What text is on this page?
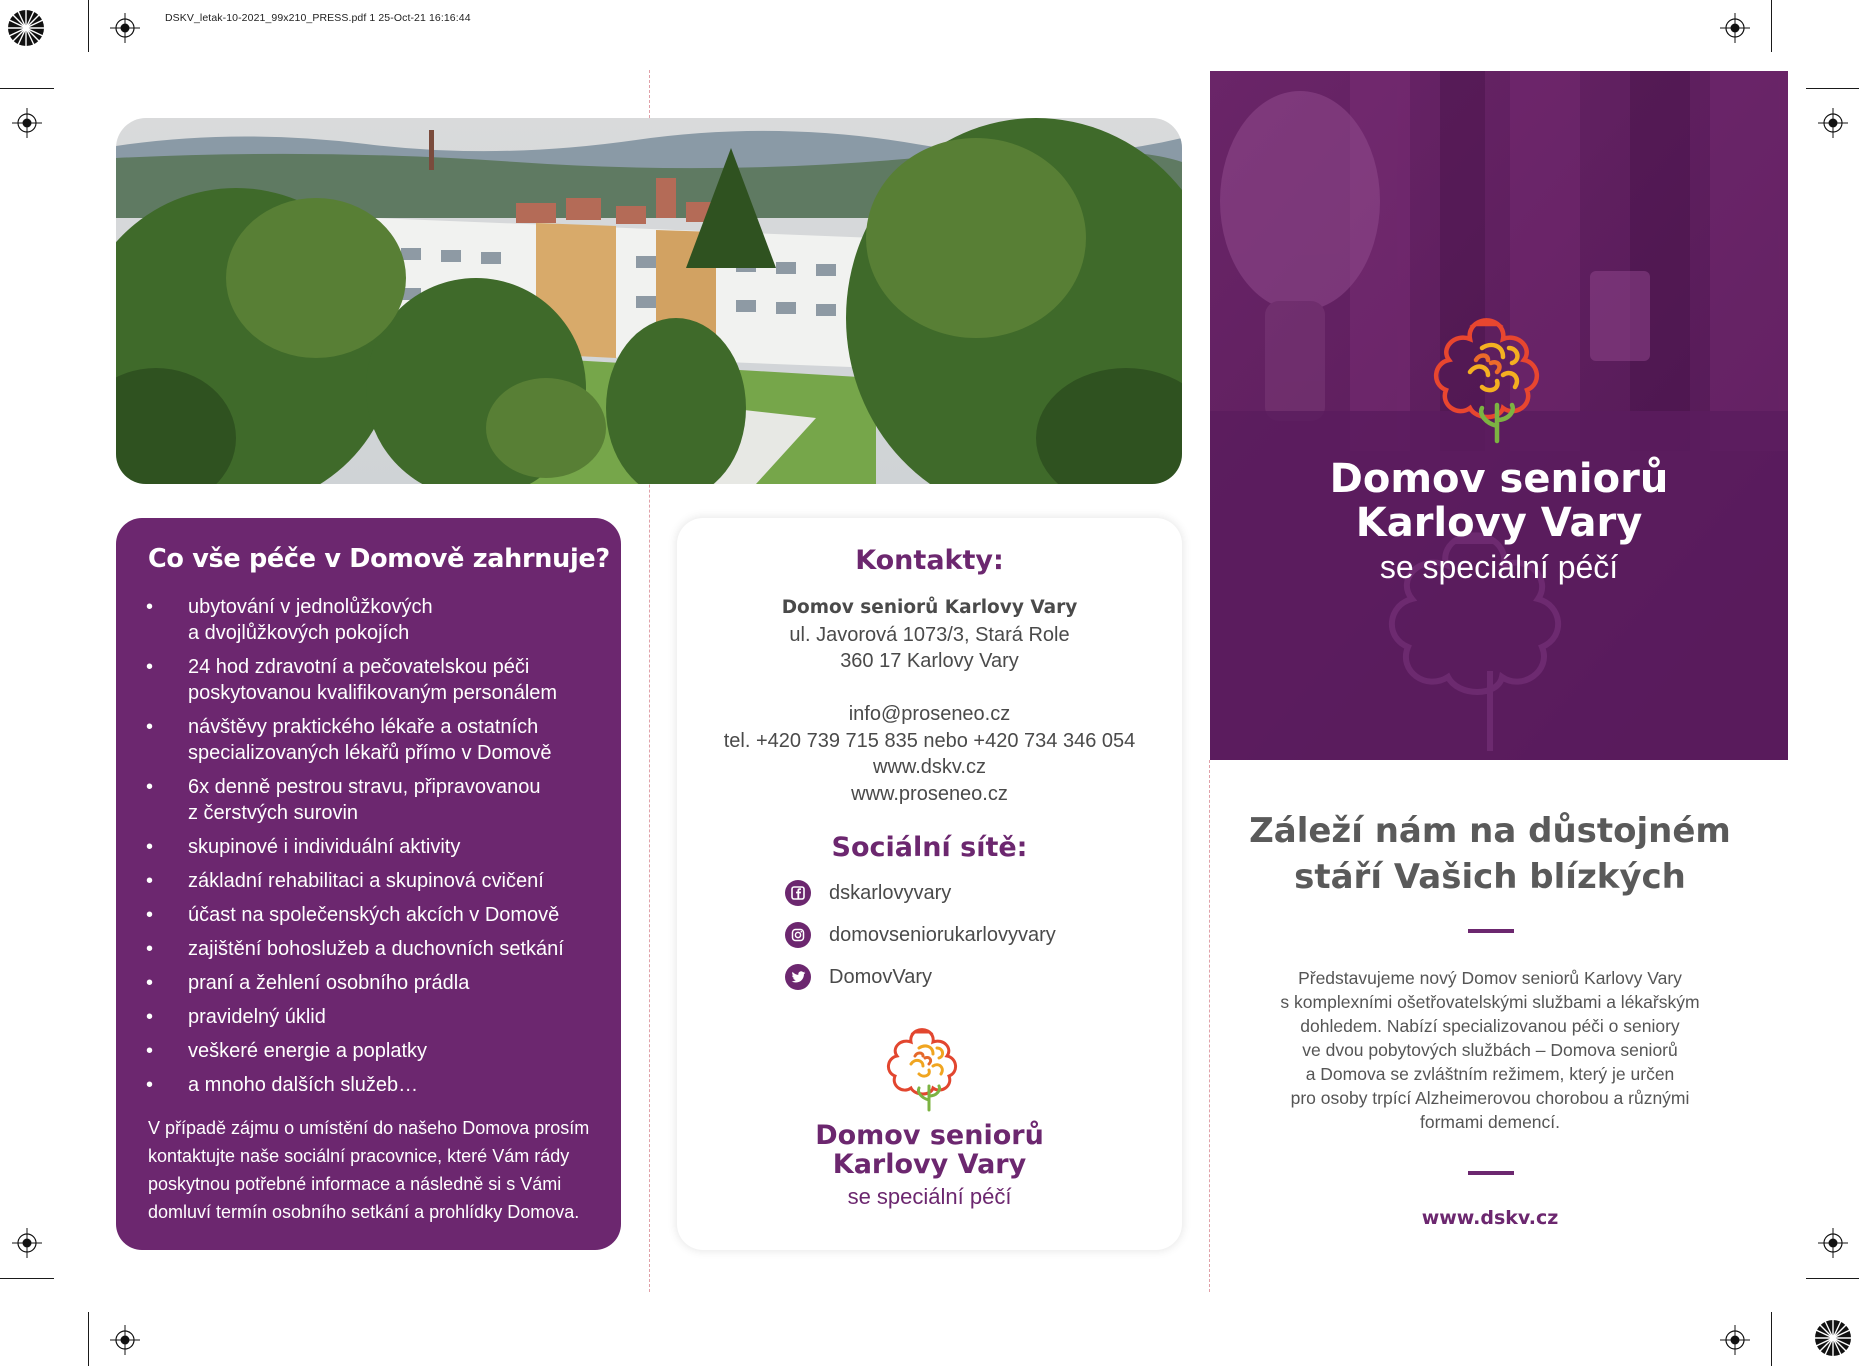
DSKV_letak-10-2021_99x210_PRESS.pdf 1 25-Oct-21 16:16:44
Co vše péče v Domově zahrnuje?
• ubytování v jednolůžkových
a dvojlůžkových pokojích
• 24 hod zdravotní a pečovatelskou péči
poskytovanou kvalifikovaným personálem
• návštěvy praktického lékaře a ostatních
specializovaných lékařů přímo v Domově
• 6x denně pestrou stravu, připravovanou
z čerstvých surovin
• skupinové i individuální aktivity
• základní rehabilitaci a skupinová cvičení
• účast na společenských akcích v Domově
• zajištění bohoslužeb a duchovních setkání
• praní a žehlení osobního prádla
• pravidelný úklid
• veškeré energie a poplatky
• a mnoho dalších služeb…

V případě zájmu o umístění do našeho Domova prosím kontaktujte naše sociální pracovnice, které Vám rády poskytnou potřebné informace a následně si s Vámi domluví termín osobního setkání a prohlídky Domova.

Kontakty:
Domov seniorů Karlovy Vary
ul. Javorová 1073/3, Stará Role
360 17 Karlovy Vary
info@proseneo.cz
tel. +420 739 715 835 nebo +420 734 346 054
www.dskv.cz
www.proseneo.cz
Sociální sítě:
dskarlovyvary
domovseniorukarlovyvary
DomovVary
Domov seniorů
Karlovy Vary
se speciální péčí
Domov seniorů
Karlovy Vary
se speciální péčí
Záleží nám na důstojném
stáří Vašich blízkých
Představujeme nový Domov seniorů Karlovy Vary
s komplexními ošetřovatelskými službami a lékařským
dohledem. Nabízí specializovanou péči o seniory
ve dvou pobytových službách – Domova seniorů
a Domova se zvláštním režimem, který je určen
pro osoby trpící Alzheimerovou chorobou a různými
formami demencí.
www.dskv.cz
